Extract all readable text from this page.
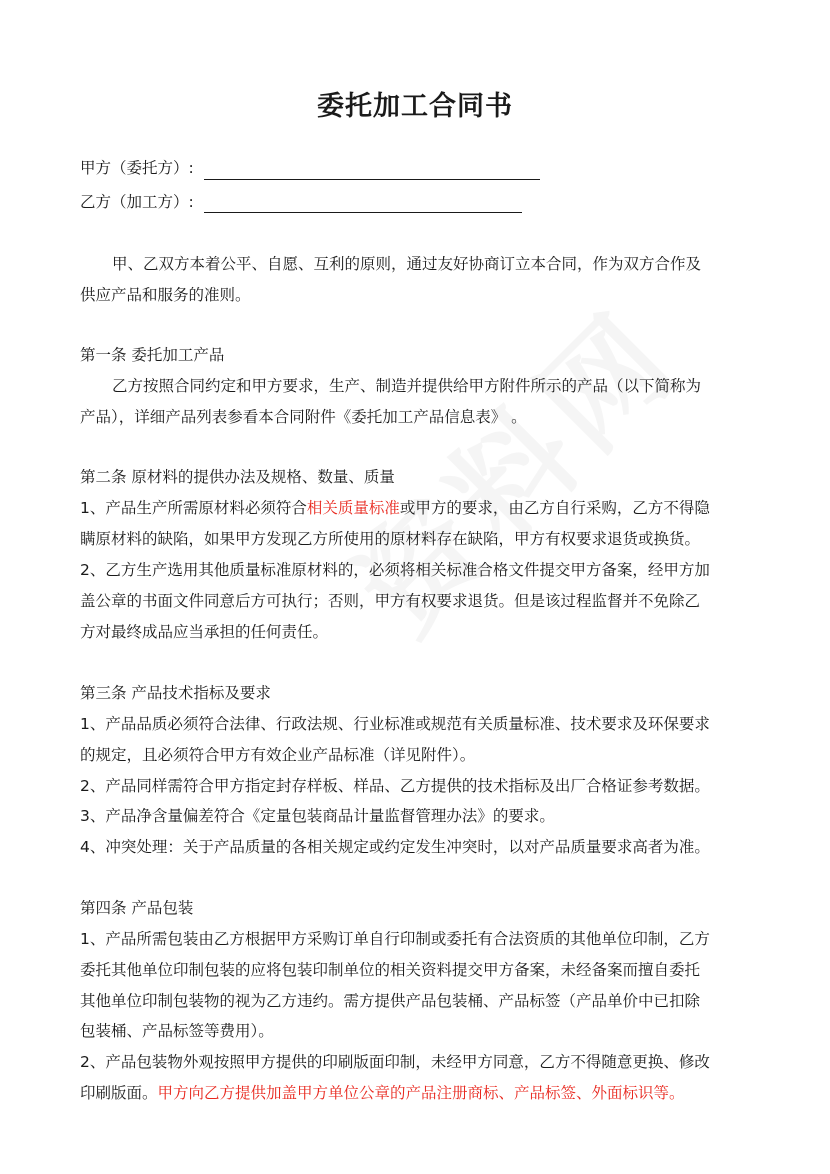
委托加工合同书
甲方（委托方）:
乙方（加工方）:
甲、乙双方本着公平、自愿、互利的原则，通过友好协商订立本合同，作为双方合作及
供应产品和服务的准则。
第一条 委托加工产品
乙方按照合同约定和甲方要求，生产、制造并提供给甲方附件所示的产品（以下简称为
产品），详细产品列表参看本合同附件《委托加工产品信息表》 。
第二条 原材料的提供办法及规格、数量、质量
1、产品生产所需原材料必须符合相关质量标准或甲方的要求，由乙方自行采购，乙方不得隐
瞒原材料的缺陷，如果甲方发现乙方所使用的原材料存在缺陷，甲方有权要求退货或换货。
2、乙方生产选用其他质量标准原材料的，必须将相关标准合格文件提交甲方备案，经甲方加
盖公章的书面文件同意后方可执行；否则，甲方有权要求退货。但是该过程监督并不免除乙
方对最终成品应当承担的任何责任。
第三条 产品技术指标及要求
1、产品品质必须符合法律、行政法规、行业标准或规范有关质量标准、技术要求及环保要求
的规定，且必须符合甲方有效企业产品标准（详见附件）。
2、产品同样需符合甲方指定封存样板、样品、乙方提供的技术指标及出厂合格证参考数据。
3、产品净含量偏差符合《定量包装商品计量监督管理办法》的要求。
4、冲突处理：关于产品质量的各相关规定或约定发生冲突时，以对产品质量要求高者为准。
第四条 产品包装
1、产品所需包装由乙方根据甲方采购订单自行印制或委托有合法资质的其他单位印制，乙方
委托其他单位印制包装的应将包装印制单位的相关资料提交甲方备案，未经备案而擅自委托
其他单位印制包装物的视为乙方违约。需方提供产品包装桶、产品标签（产品单价中已扣除
包装桶、产品标签等费用）。
2、产品包装物外观按照甲方提供的印刷版面印制，未经甲方同意，乙方不得随意更换、修改
印刷版面。甲方向乙方提供加盖甲方单位公章的产品注册商标、产品标签、外面标识等。
